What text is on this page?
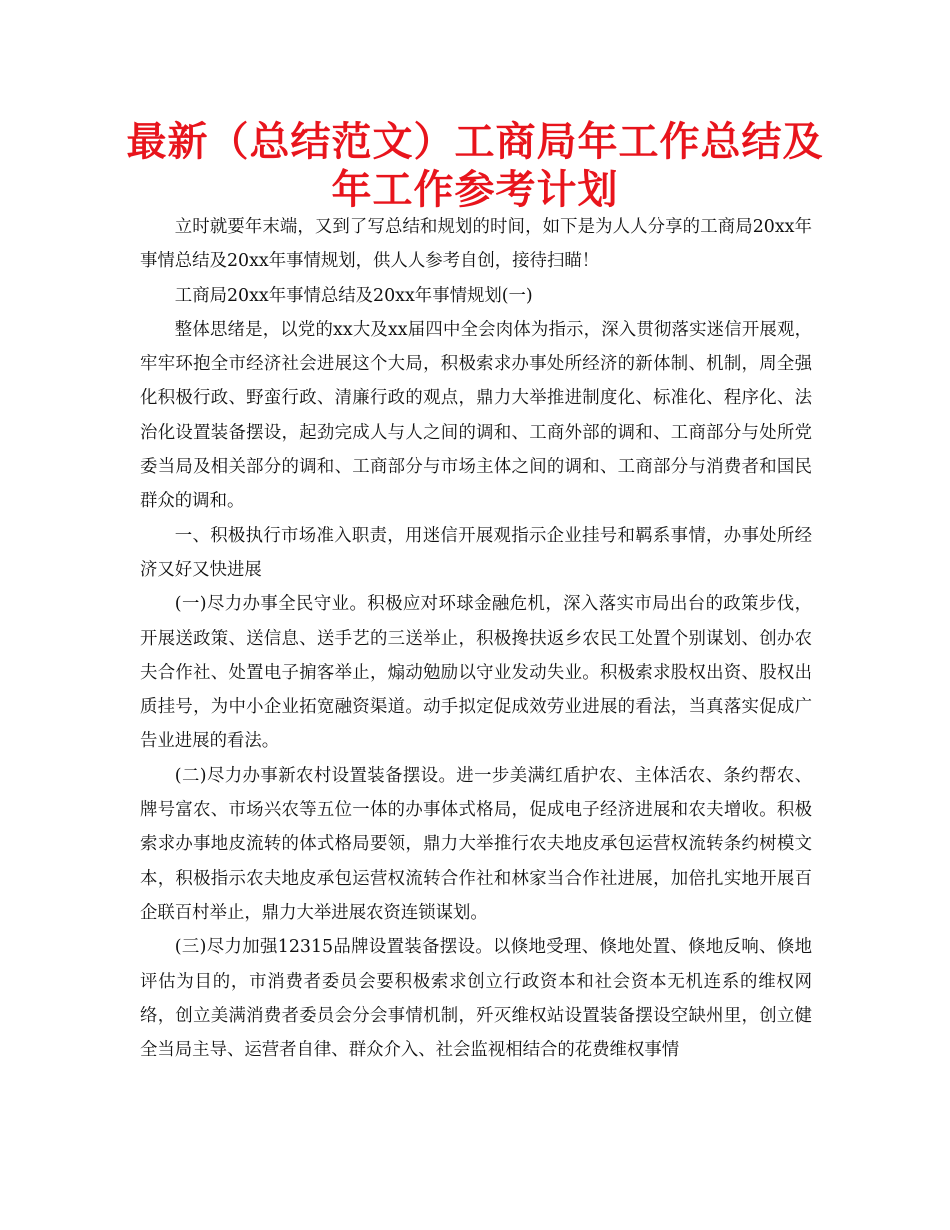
最新（总结范文）工商局年工作总结及年工作参考计划

立时就要年末端，又到了写总结和规划的时间，如下是为人人分享的工商局20xx年事情总结及20xx年事情规划，供人人参考自创，接待扫瞄！

工商局20xx年事情总结及20xx年事情规划(一)

整体思绪是，以党的xx大及xx届四中全会肉体为指示，深入贯彻落实迷信开展观，牢牢环抱全市经济社会进展这个大局，积极索求办事处所经济的新体制、机制，周全强化积极行政、野蛮行政、清廉行政的观点，鼎力大举推进制度化、标准化、程序化、法治化设置装备摆设，起劲完成人与人之间的调和、工商外部的调和、工商部分与处所党委当局及相关部分的调和、工商部分与市场主体之间的调和、工商部分与消费者和国民群众的调和。

一、积极执行市场准入职责，用迷信开展观指示企业挂号和羁系事情，办事处所经济又好又快进展

(一)尽力办事全民守业。积极应对环球金融危机，深入落实市局出台的政策步伐，开展送政策、送信息、送手艺的三送举止，积极搀扶返乡农民工处置个别谋划、创办农夫合作社、处置电子掮客举止，煽动勉励以守业发动失业。积极索求股权出资、股权出质挂号，为中小企业拓宽融资渠道。动手拟定促成效劳业进展的看法，当真落实促成广告业进展的看法。

(二)尽力办事新农村设置装备摆设。进一步美满红盾护农、主体活农、条约帮农、牌号富农、市场兴农等五位一体的办事体式格局，促成电子经济进展和农夫增收。积极索求办事地皮流转的体式格局要领，鼎力大举推行农夫地皮承包运营权流转条约树模文本，积极指示农夫地皮承包运营权流转合作社和林家当合作社进展，加倍扎实地开展百企联百村举止，鼎力大举进展农资连锁谋划。

(三)尽力加强12315品牌设置装备摆设。以倏地受理、倏地处置、倏地反响、倏地评估为目的，市消费者委员会要积极索求创立行政资本和社会资本无机连系的维权网络，创立美满消费者委员会分会事情机制，歼灭维权站设置装备摆设空缺州里，创立健全当局主导、运营者自律、群众介入、社会监视相结合的花费维权事情
